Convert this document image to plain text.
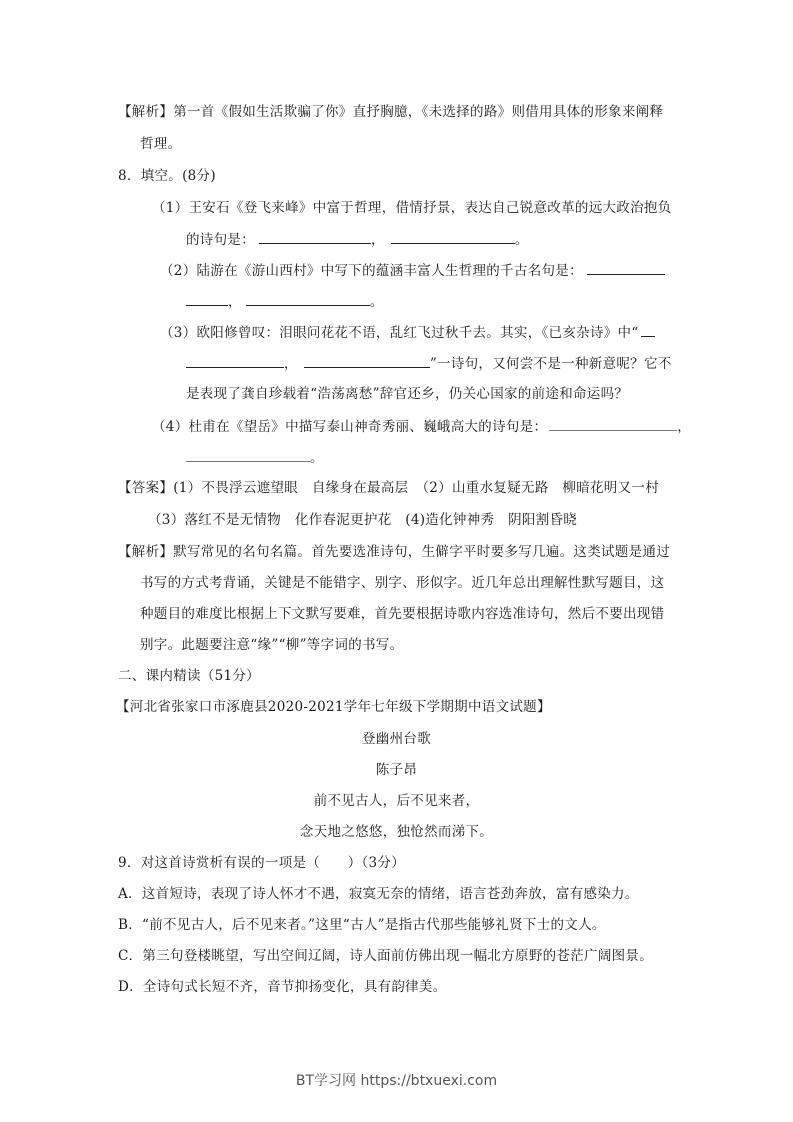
【解析】第一首《假如生活欺骗了你》直抒胸臆，《未选择的路》则借用具体的形象来阐释
哲理。
8．填空。(8分)
（1）王安石《登飞来峰》中富于哲理，借情抒景，表达自己锐意改革的远大政治抱负
的诗句是：	，	。
（2）陆游在《游山西村》中写下的蕴涵丰富人生哲理的千古名句是：
，	。
（3）欧阳修曾叹：泪眼问花花不语，乱红飞过秋千去。其实，《已亥杂诗》中“
，	”一诗句，又何尝不是一种新意呢？它不
是表现了龚自珍载着“浩荡离愁”辞官还乡，仍关心国家的前途和命运吗？
（4）杜甫在《望岳》中描写泰山神奇秀丽、巍峨高大的诗句是：	，
。
【答案】(1）不畏浮云遮望眼　自缘身在最高层　（2）山重水复疑无路　柳暗花明又一村
（3）落红不是无情物　化作春泥更护花　(4)造化钟神秀　阴阳割昏晓
【解析】默写常见的名句名篇。首先要选准诗句，生僻字平时要多写几遍。这类试题是通过
书写的方式考背诵，关键是不能错字、别字、形似字。近几年总出理解性默写题目，这
种题目的难度比根据上下文默写要难，首先要根据诗歌内容选准诗句，然后不要出现错
别字。此题要注意“缘”“柳”等字词的书写。
二、课内精读（51分）
【河北省张家口市涿鹿县2020-2021学年七年级下学期期中语文试题】
登幽州台歌
陈子昂
前不见古人，后不见来者，
念天地之悠悠，独怆然而涕下。
9．对这首诗赏析有误的一项是（　　）（3分）
A．这首短诗，表现了诗人怀才不遇，寂寞无奈的情绪，语言苍劲奔放，富有感染力。
B．“前不见古人，后不见来者。”这里“古人”是指古代那些能够礼贤下士的文人。
C．第三句登楼眺望，写出空间辽阔，诗人面前仿佛出现一幅北方原野的苍茫广阔图景。
D．全诗句式长短不齐，音节抑扬变化，具有韵律美。
BT学习网 https://btxuexi.com
